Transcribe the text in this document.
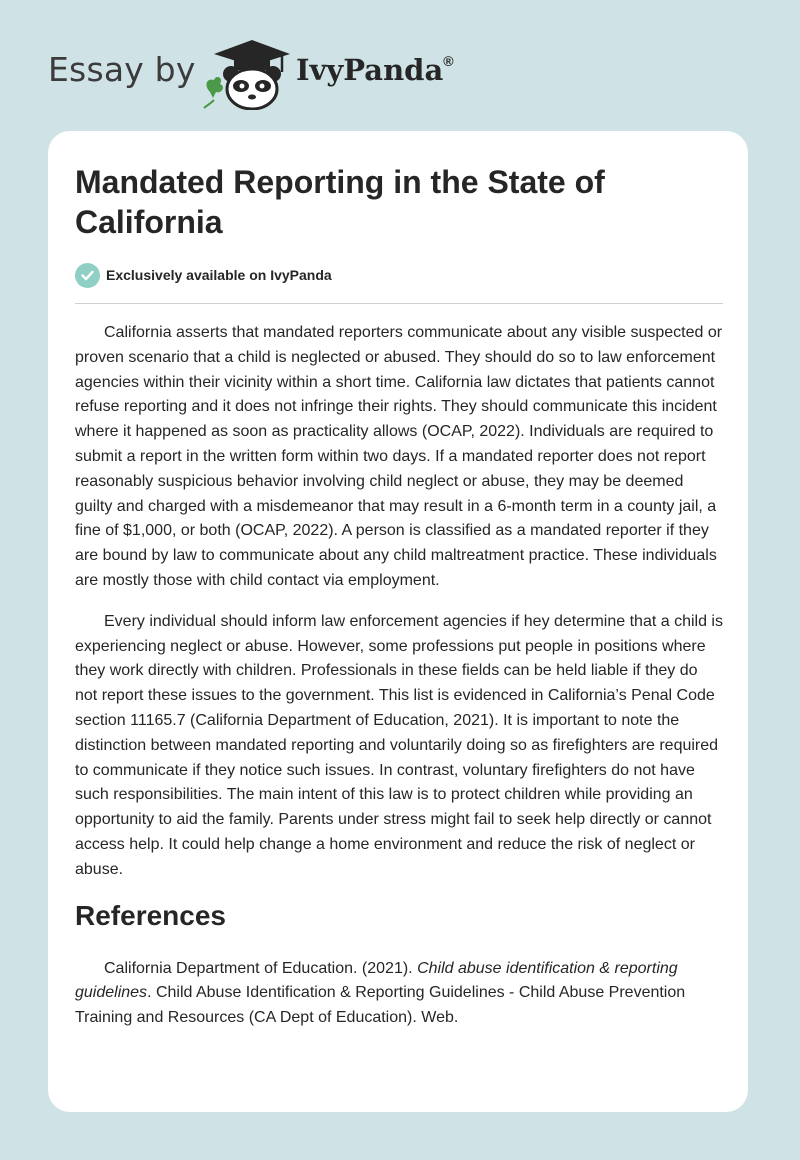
Essay by	IvyPanda®
Mandated Reporting in the State of California
Exclusively available on IvyPanda

California asserts that mandated reporters communicate about any visible suspected or proven scenario that a child is neglected or abused. They should do so to law enforcement agencies within their vicinity within a short time. California law dictates that patients cannot refuse reporting and it does not infringe their rights. They should communicate this incident where it happened as soon as practicality allows (OCAP, 2022). Individuals are required to submit a report in the written form within two days. If a mandated reporter does not report reasonably suspicious behavior involving child neglect or abuse, they may be deemed guilty and charged with a misdemeanor that may result in a 6-month term in a county jail, a fine of $1,000, or both (OCAP, 2022). A person is classified as a mandated reporter if they are bound by law to communicate about any child maltreatment practice. These individuals are mostly those with child contact via employment.

Every individual should inform law enforcement agencies if hey determine that a child is experiencing neglect or abuse. However, some professions put people in positions where they work directly with children. Professionals in these fields can be held liable if they do not report these issues to the government. This list is evidenced in California’s Penal Code section 11165.7 (California Department of Education, 2021). It is important to note the distinction between mandated reporting and voluntarily doing so as firefighters are required to communicate if they notice such issues. In contrast, voluntary firefighters do not have such responsibilities. The main intent of this law is to protect children while providing an opportunity to aid the family. Parents under stress might fail to seek help directly or cannot access help. It could help change a home environment and reduce the risk of neglect or abuse.

References

California Department of Education. (2021). Child abuse identification & reporting guidelines. Child Abuse Identification & Reporting Guidelines - Child Abuse Prevention Training and Resources (CA Dept of Education). Web.
